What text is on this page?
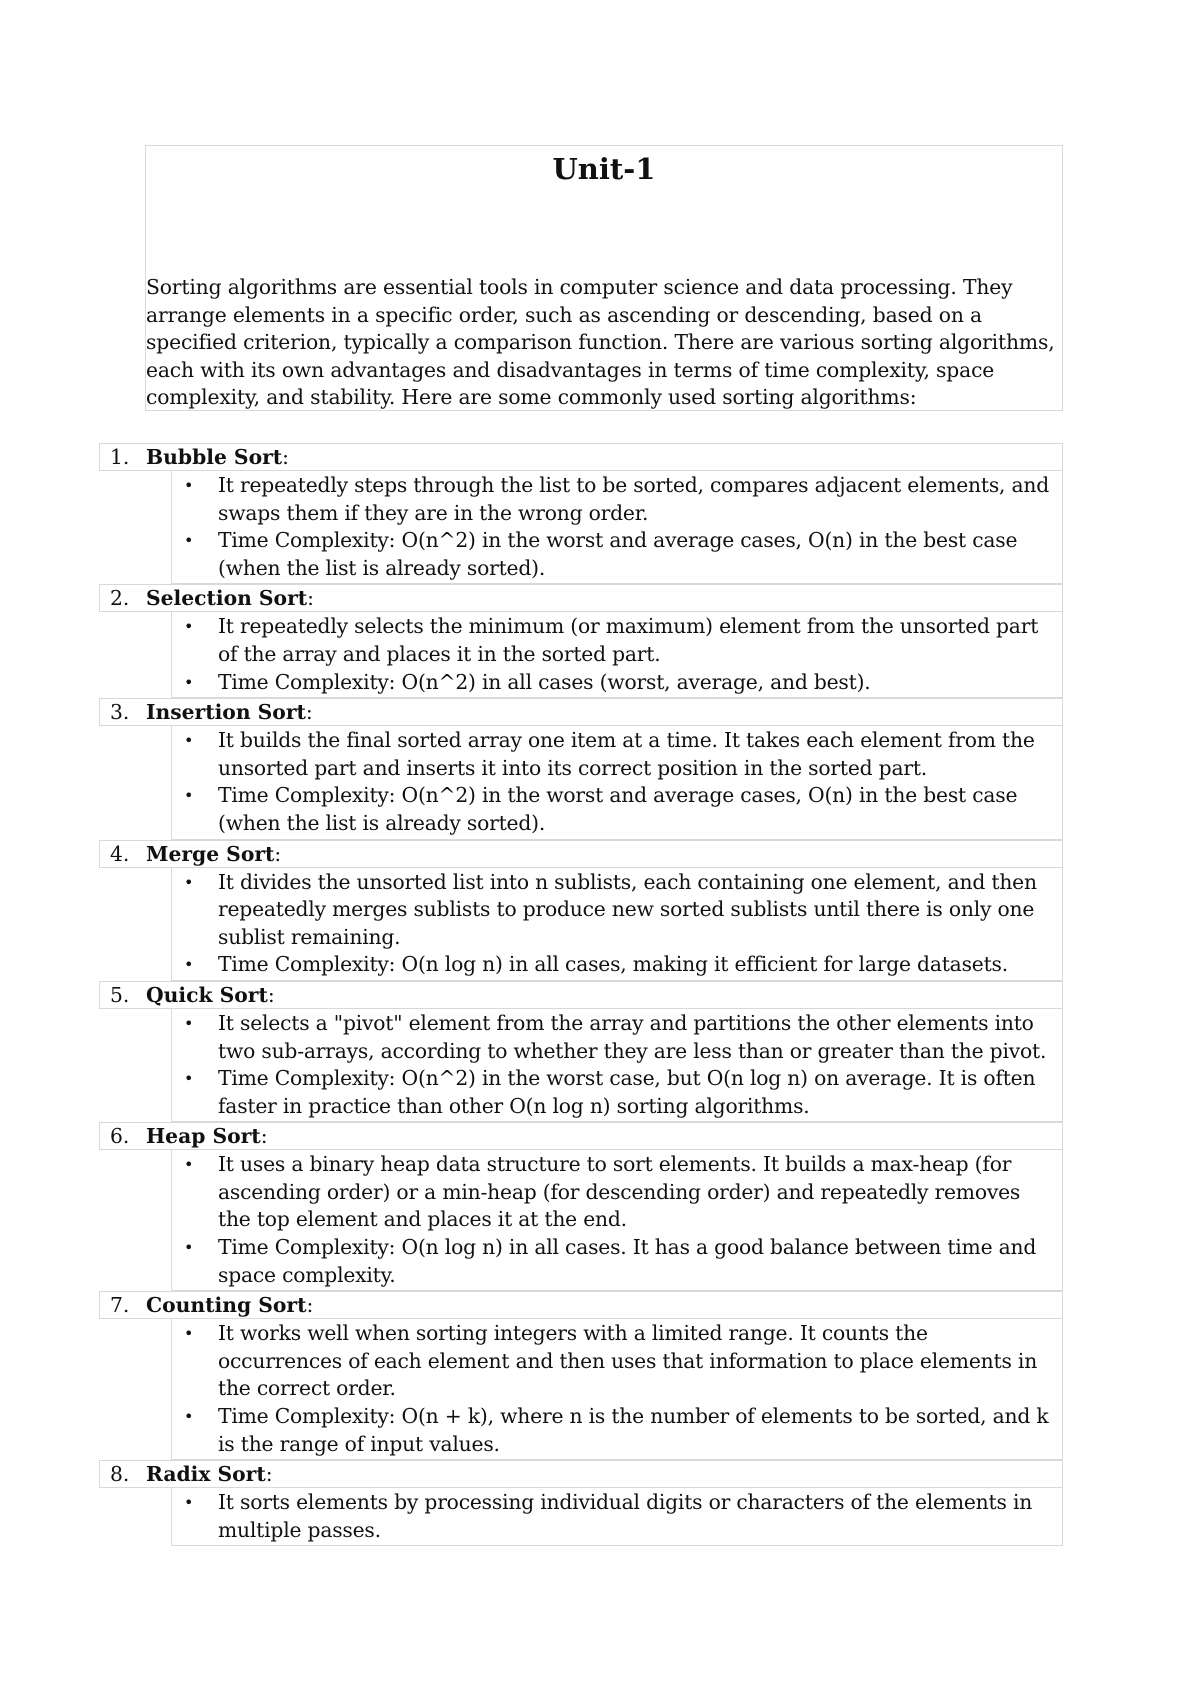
Unit-1

Sorting algorithms are essential tools in computer science and data processing. They arrange elements in a specific order, such as ascending or descending, based on a specified criterion, typically a comparison function. There are various sorting algorithms, each with its own advantages and disadvantages in terms of time complexity, space complexity, and stability. Here are some commonly used sorting algorithms:

1. Bubble Sort:
• It repeatedly steps through the list to be sorted, compares adjacent elements, and swaps them if they are in the wrong order.
• Time Complexity: O(n^2) in the worst and average cases, O(n) in the best case (when the list is already sorted).
2. Selection Sort:
• It repeatedly selects the minimum (or maximum) element from the unsorted part of the array and places it in the sorted part.
• Time Complexity: O(n^2) in all cases (worst, average, and best).
3. Insertion Sort:
• It builds the final sorted array one item at a time. It takes each element from the unsorted part and inserts it into its correct position in the sorted part.
• Time Complexity: O(n^2) in the worst and average cases, O(n) in the best case (when the list is already sorted).
4. Merge Sort:
• It divides the unsorted list into n sublists, each containing one element, and then repeatedly merges sublists to produce new sorted sublists until there is only one sublist remaining.
• Time Complexity: O(n log n) in all cases, making it efficient for large datasets.
5. Quick Sort:
• It selects a "pivot" element from the array and partitions the other elements into two sub-arrays, according to whether they are less than or greater than the pivot.
• Time Complexity: O(n^2) in the worst case, but O(n log n) on average. It is often faster in practice than other O(n log n) sorting algorithms.
6. Heap Sort:
• It uses a binary heap data structure to sort elements. It builds a max-heap (for ascending order) or a min-heap (for descending order) and repeatedly removes the top element and places it at the end.
• Time Complexity: O(n log n) in all cases. It has a good balance between time and space complexity.
7. Counting Sort:
• It works well when sorting integers with a limited range. It counts the occurrences of each element and then uses that information to place elements in the correct order.
• Time Complexity: O(n + k), where n is the number of elements to be sorted, and k is the range of input values.
8. Radix Sort:
• It sorts elements by processing individual digits or characters of the elements in multiple passes.
